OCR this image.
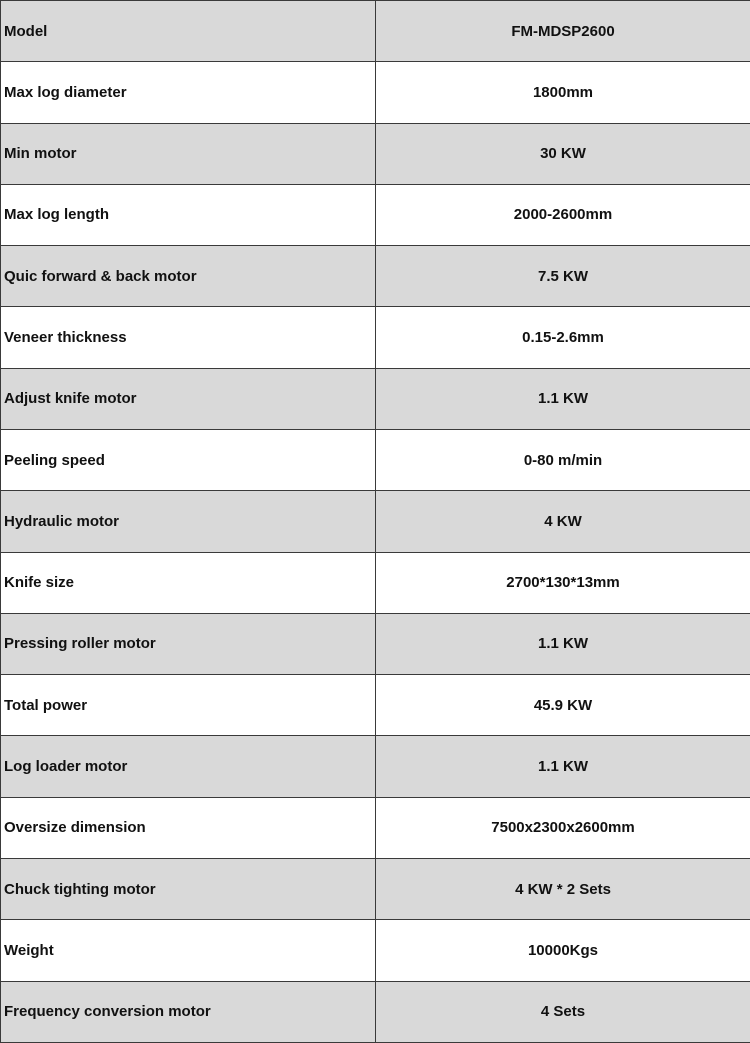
Model	FM-MDSP2600
Max log diameter	1800mm
Min motor	30 KW
Max log length	2000-2600mm
Quic forward & back motor	7.5 KW
Veneer thickness	0.15-2.6mm
Adjust knife motor	1.1 KW
Peeling speed	0-80 m/min
Hydraulic motor	4 KW
Knife size	2700*130*13mm
Pressing roller motor	1.1 KW
Total power	45.9 KW
Log loader motor	1.1 KW
Oversize dimension	7500x2300x2600mm
Chuck tighting motor	4 KW * 2 Sets
Weight	10000Kgs
Frequency conversion motor	4 Sets
